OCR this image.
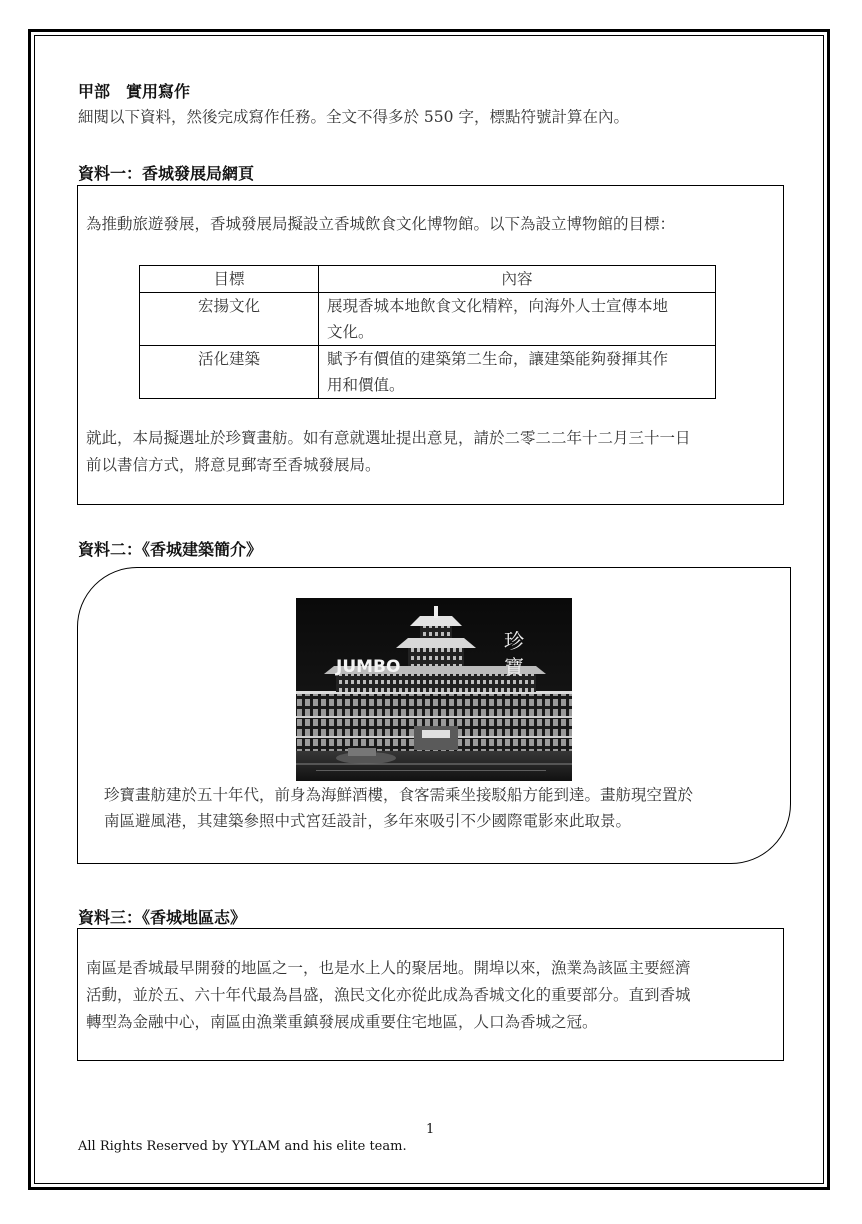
甲部　實用寫作
細閱以下資料，然後完成寫作任務。全文不得多於 550 字，標點符號計算在內。
資料一：香城發展局網頁
為推動旅遊發展，香城發展局擬設立香城飲食文化博物館。以下為設立博物館的目標：
目標	內容
宏揚文化	展現香城本地飲食文化精粹，向海外人士宣傳本地
文化。

活化建築	賦予有價值的建築第二生命，讓建築能夠發揮其作
用和價值。
就此，本局擬選址於珍寶畫舫。如有意就選址提出意見，請於二零二二年十二月三十一日
前以書信方式，將意見郵寄至香城發展局。
資料二：《香城建築簡介》
JUMBO
珍
寶
珍寶畫舫建於五十年代，前身為海鮮酒樓，食客需乘坐接駁船方能到達。畫舫現空置於
南區避風港，其建築參照中式宮廷設計，多年來吸引不少國際電影來此取景。
資料三：《香城地區志》
南區是香城最早開發的地區之一，也是水上人的聚居地。開埠以來，漁業為該區主要經濟
活動，並於五、六十年代最為昌盛，漁民文化亦從此成為香城文化的重要部分。直到香城
轉型為金融中心，南區由漁業重鎮發展成重要住宅地區，人口為香城之冠。
1
All Rights Reserved by YYLAM and his elite team.
